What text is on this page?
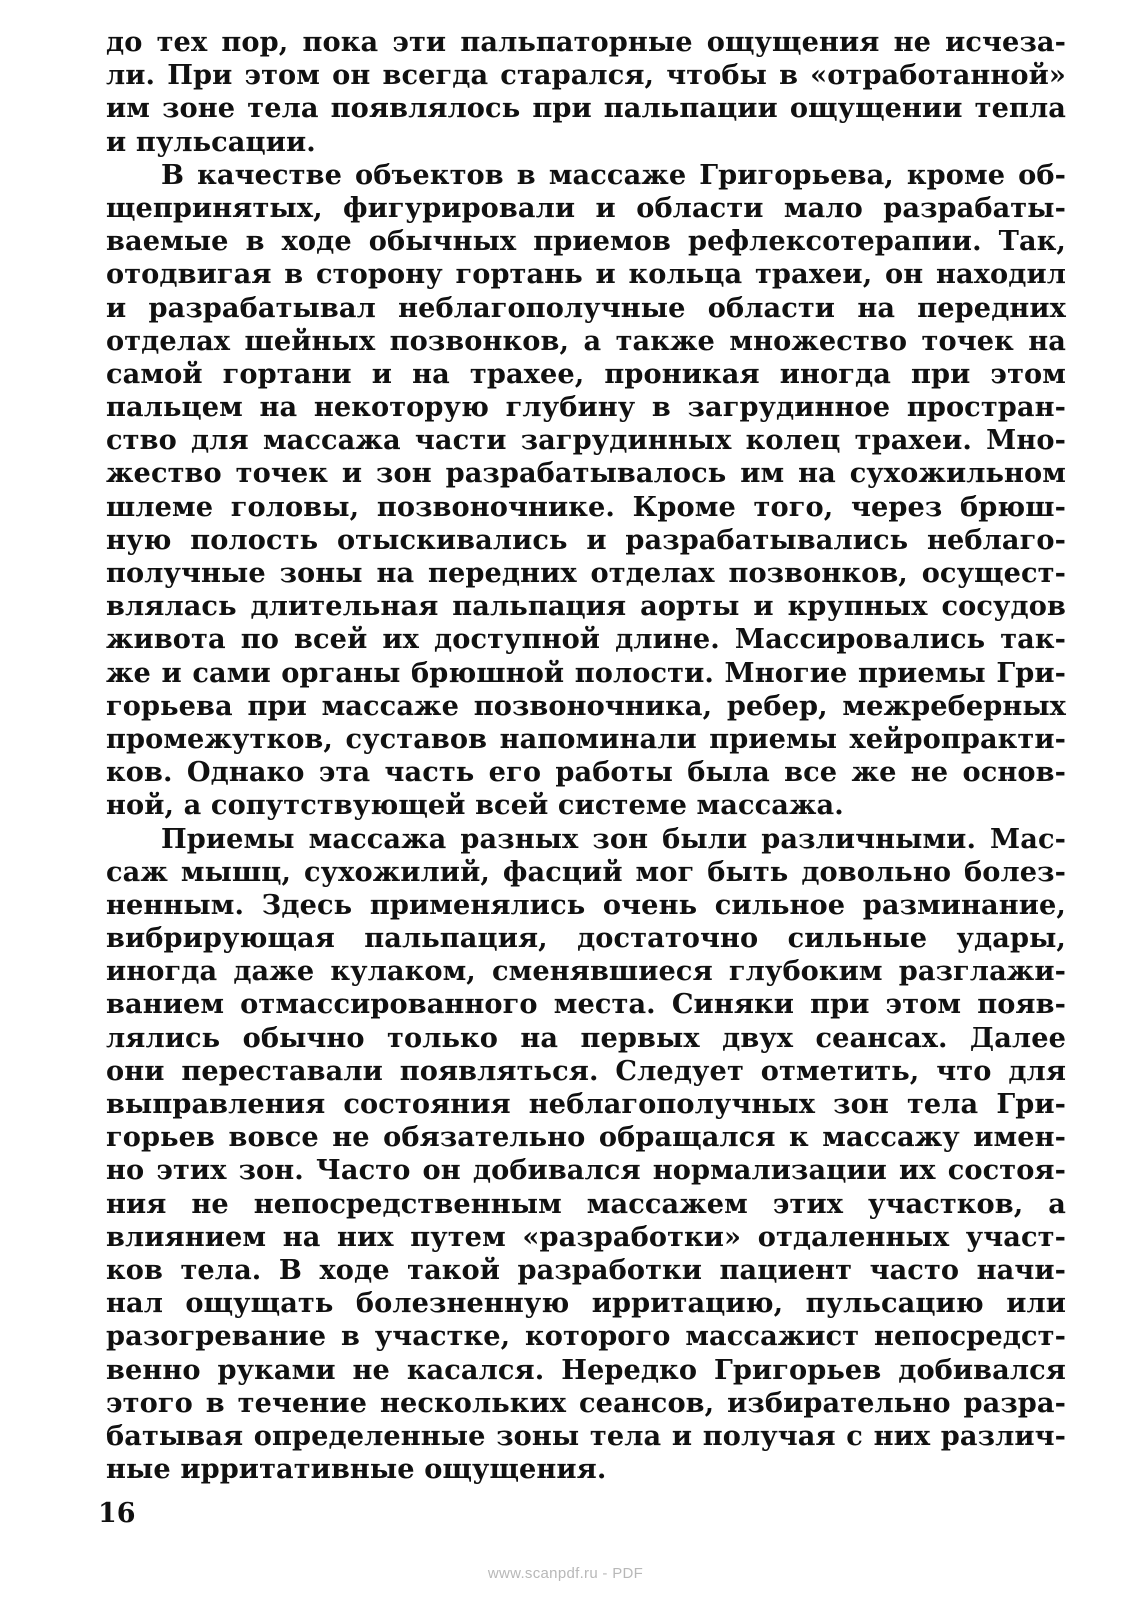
до тех пор, пока эти пальпаторные ощущения не исчеза-
ли. При этом он всегда старался, чтобы в «отработанной»
им зоне тела появлялось при пальпации ощущении тепла
и пульсации.
В качестве объектов в массаже Григорьева, кроме об-
щепринятых, фигурировали и области мало разрабаты-
ваемые в ходе обычных приемов рефлексотерапии. Так,
отодвигая в сторону гортань и кольца трахеи, он находил
и разрабатывал неблагополучные области на передних
отделах шейных позвонков, а также множество точек на
самой гортани и на трахее, проникая иногда при этом
пальцем на некоторую глубину в загрудинное простран-
ство для массажа части загрудинных колец трахеи. Мно-
жество точек и зон разрабатывалось им на сухожильном
шлеме головы, позвоночнике. Кроме того, через брюш-
ную полость отыскивались и разрабатывались неблаго-
получные зоны на передних отделах позвонков, осущест-
влялась длительная пальпация аорты и крупных сосудов
живота по всей их доступной длине. Массировались так-
же и сами органы брюшной полости. Многие приемы Гри-
горьева при массаже позвоночника, ребер, межреберных
промежутков, суставов напоминали приемы хейропракти-
ков. Однако эта часть его работы была все же не основ-
ной, а сопутствующей всей системе массажа.
Приемы массажа разных зон были различными. Мас-
саж мышц, сухожилий, фасций мог быть довольно болез-
ненным. Здесь применялись очень сильное разминание,
вибрирующая пальпация, достаточно сильные удары,
иногда даже кулаком, сменявшиеся глубоким разглажи-
ванием отмассированного места. Синяки при этом появ-
лялись обычно только на первых двух сеансах. Далее
они переставали появляться. Следует отметить, что для
выправления состояния неблагополучных зон тела Гри-
горьев вовсе не обязательно обращался к массажу имен-
но этих зон. Часто он добивался нормализации их состоя-
ния не непосредственным массажем этих участков, а
влиянием на них путем «разработки» отдаленных участ-
ков тела. В ходе такой разработки пациент часто начи-
нал ощущать болезненную ирритацию, пульсацию или
разогревание в участке, которого массажист непосредст-
венно руками не касался. Нередко Григорьев добивался
этого в течение нескольких сеансов, избирательно разра-
батывая определенные зоны тела и получая с них различ-
ные ирритативные ощущения.
16
www.scanpdf.ru - PDF
